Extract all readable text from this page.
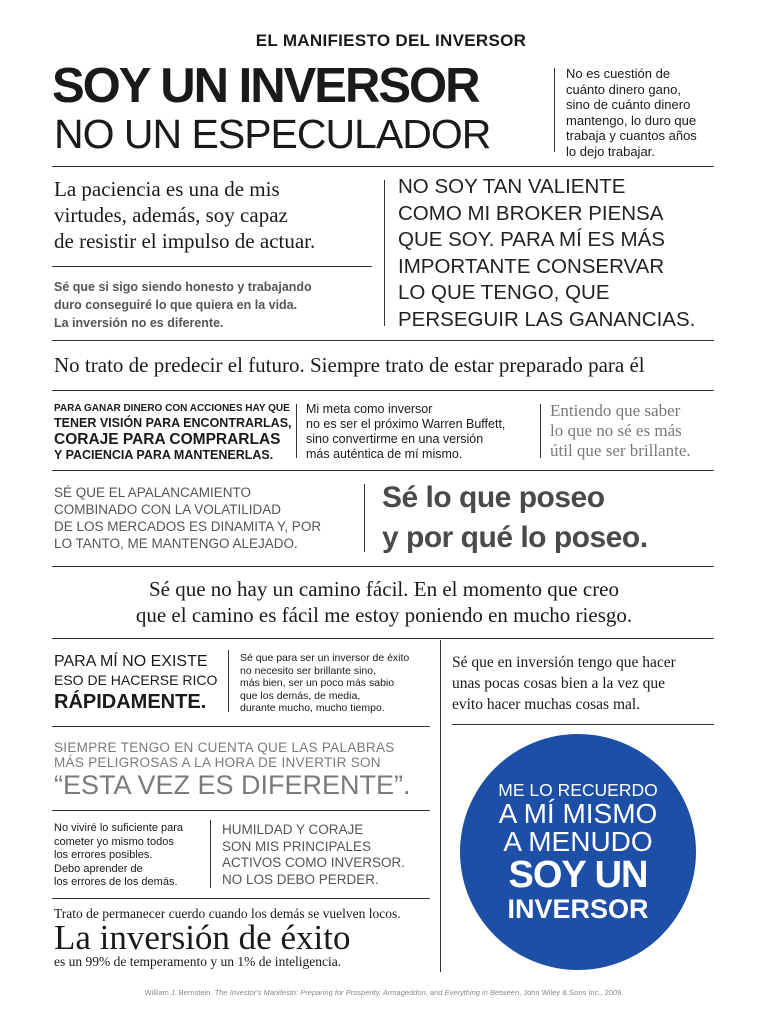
EL MANIFIESTO DEL INVERSOR
SOY UN INVERSOR
NO UN ESPECULADOR
No es cuestión de
cuánto dinero gano,
sino de cuánto dinero
mantengo, lo duro que
trabaja y cuantos años
lo dejo trabajar.
La paciencia es una de mis
virtudes, además, soy capaz
de resistir el impulso de actuar.
Sé que si sigo siendo honesto y trabajando
duro conseguiré lo que quiera en la vida.
La inversión no es diferente.
NO SOY TAN VALIENTE
COMO MI BROKER PIENSA
QUE SOY. PARA MÍ ES MÁS
IMPORTANTE CONSERVAR
LO QUE TENGO, QUE
PERSEGUIR LAS GANANCIAS.
No trato de predecir el futuro. Siempre trato de estar preparado para él
PARA GANAR DINERO CON ACCIONES HAY QUE
TENER VISIÓN PARA ENCONTRARLAS,
CORAJE PARA COMPRARLAS
Y PACIENCIA PARA MANTENERLAS.
Mi meta como inversor
no es ser el próximo Warren Buffett,
sino convertirme en una versión
más auténtica de mí mismo.
Entiendo que saber
lo que no sé es más
útil que ser brillante.
SÉ QUE EL APALANCAMIENTO
COMBINADO CON LA VOLATILIDAD
DE LOS MERCADOS ES DINAMITA Y, POR
LO TANTO, ME MANTENGO ALEJADO.
Sé lo que poseo
y por qué lo poseo.
Sé que no hay un camino fácil. En el momento que creo
que el camino es fácil me estoy poniendo en mucho riesgo.
PARA MÍ NO EXISTE
ESO DE HACERSE RICO
RÁPIDAMENTE.
Sé que para ser un inversor de éxito
no necesito ser brillante sino,
más bien, ser un poco más sabio
que los demás, de media,
durante mucho, mucho tiempo.
Sé que en inversión tengo que hacer
unas pocas cosas bien a la vez que
evito hacer muchas cosas mal.
SIEMPRE TENGO EN CUENTA QUE LAS PALABRAS
MÁS PELIGROSAS A LA HORA DE INVERTIR SON
“ESTA VEZ ES DIFERENTE”.
No viviré lo suficiente para
cometer yo mismo todos
los errores posibles.
Debo aprender de
los errores de los demás.
HUMILDAD Y CORAJE
SON MIS PRINCIPALES
ACTIVOS COMO INVERSOR.
NO LOS DEBO PERDER.
Trato de permanecer cuerdo cuando los demás se vuelven locos.
La inversión de éxito
es un 99% de temperamento y un 1% de inteligencia.
ME LO RECUERDO
A MÍ MISMO
A MENUDO
SOY UN
INVERSOR
William J. Bernstein. The Investor's Manifesto: Preparing for Prosperity, Armageddon, and Everything in Between, John Wiley & Sons Inc., 2009.
